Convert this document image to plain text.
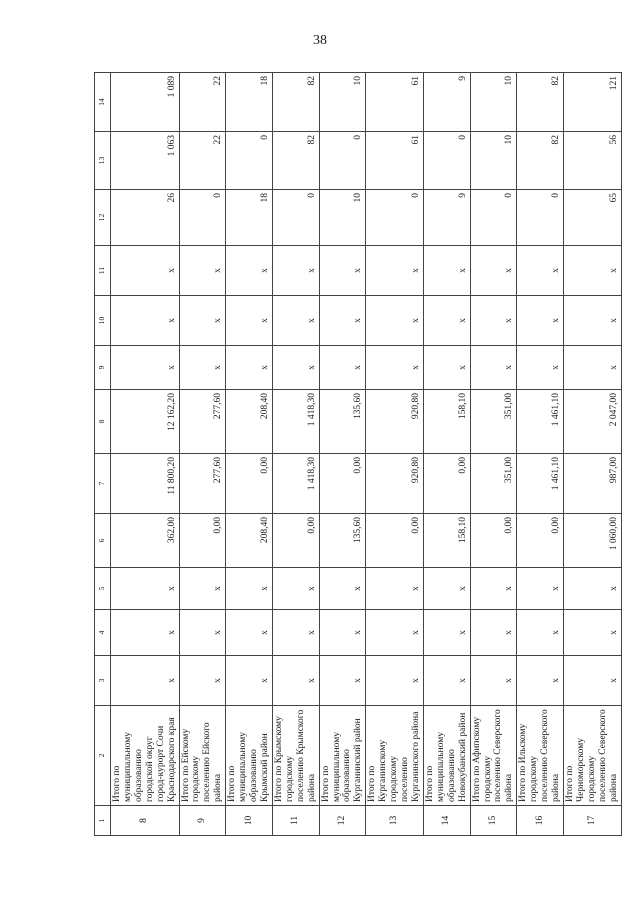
38
1	2	3	4	5	6	7	8	9	10	11	12	13	14
8	Итого по муниципальному образованию городской округ город-курорт Сочи Краснодарского края	x	x	x	362,00	11 800,20	12 162,20	x	x	x	26	1 063	1 089
9	Итого по Ейскому городскому поселению Ейского района	x	x	x	0,00	277,60	277,60	x	x	x	0	22	22
10	Итого по муниципальному образованию Крымский район	x	x	x	208,40	0,00	208,40	x	x	x	18	0	18
11	Итого по Крымскому городскому поселению Крымского района	x	x	x	0,00	1 418,30	1 418,30	x	x	x	0	82	82
12	Итого по муниципальному образованию Курганинский район	x	x	x	135,60	0,00	135,60	x	x	x	10	0	10
13	Итого по Курганинскому городскому поселению Курганинского района	x	x	x	0,00	920,80	920,80	x	x	x	0	61	61
14	Итого по муниципальному образованию Новокубанский район	x	x	x	158,10	0,00	158,10	x	x	x	9	0	9
15	Итого по Афипскому городскому поселению Северского района	x	x	x	0,00	351,00	351,00	x	x	x	0	10	10
16	Итого по Ильскому городскому поселению Северского района	x	x	x	0,00	1 461,10	1 461,10	x	x	x	0	82	82
17	Итого по Черноморскому городскому поселению Северского района	x	x	x	1 060,00	987,00	2 047,00	x	x	x	65	56	121
